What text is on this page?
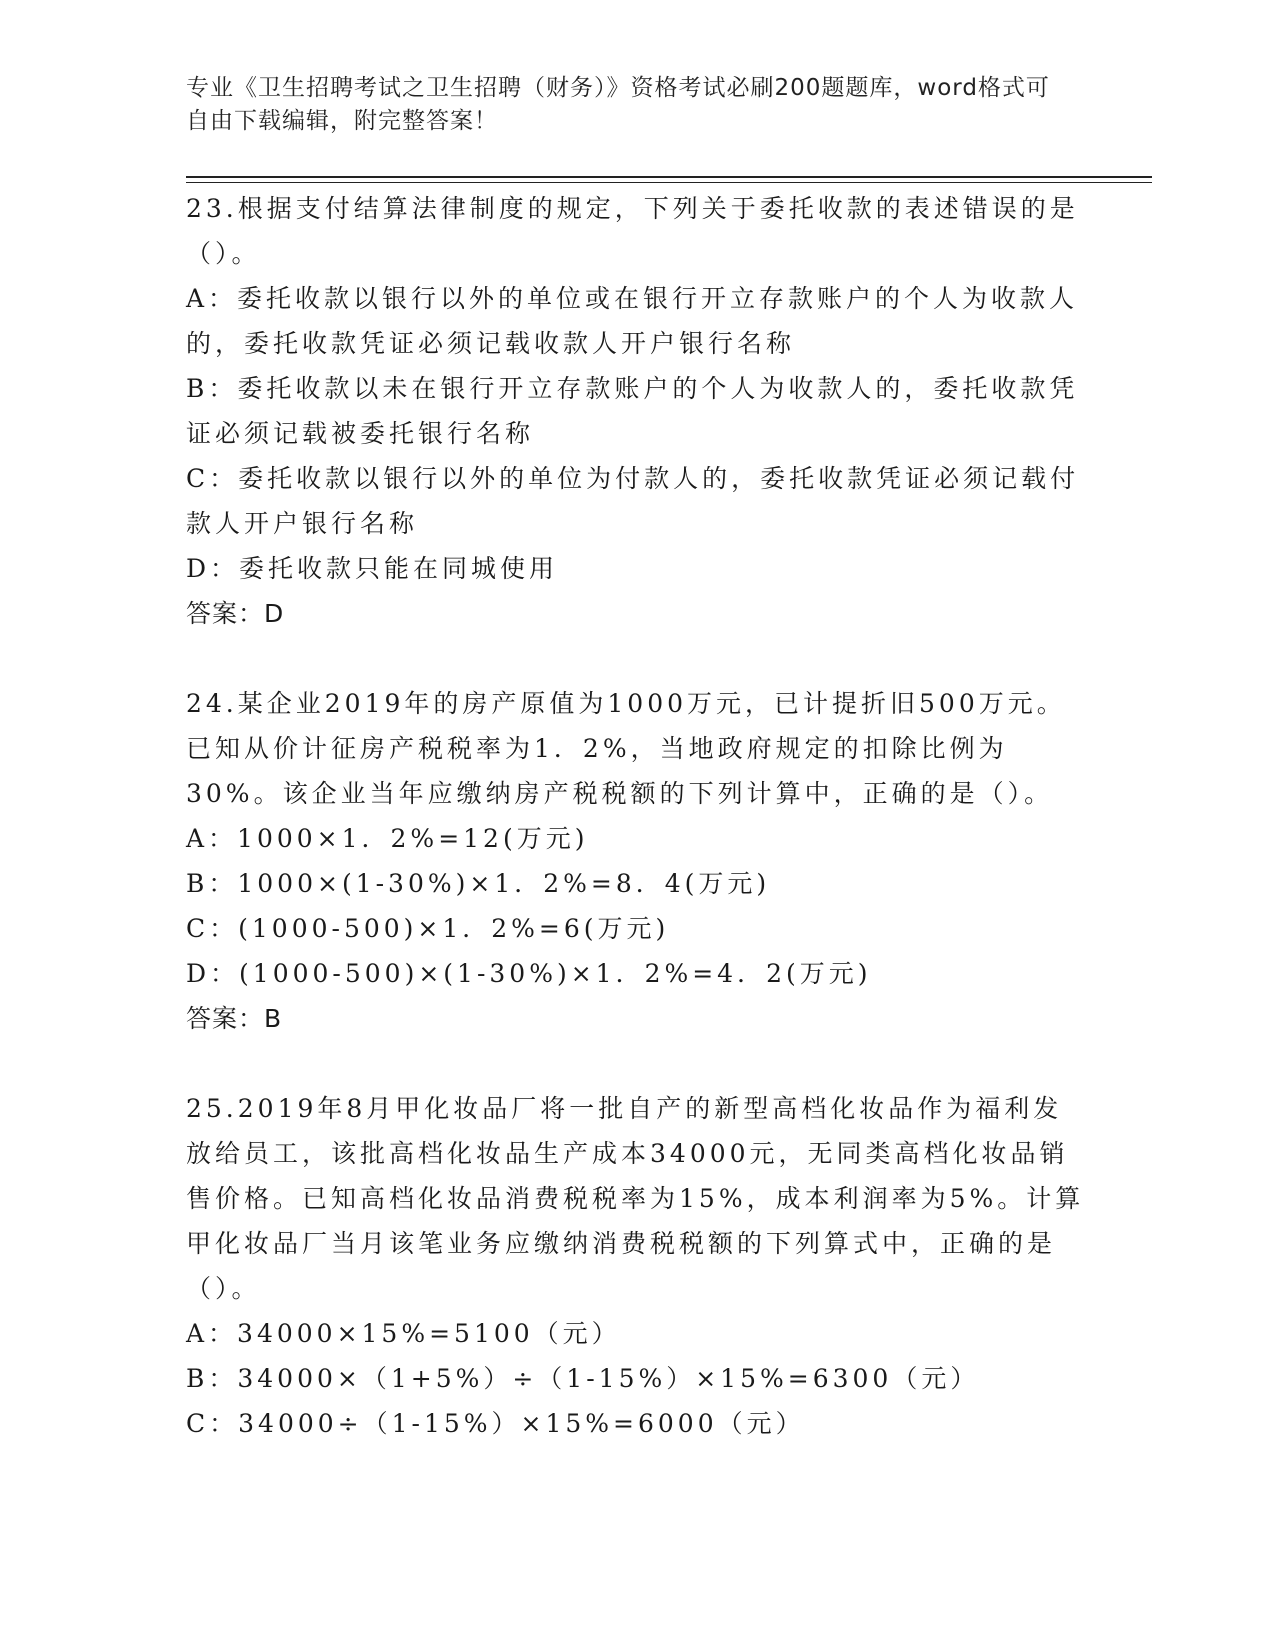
专业《卫生招聘考试之卫生招聘（财务）》资格考试必刷200题题库，word格式可自由下载编辑，附完整答案！

23.根据支付结算法律制度的规定，下列关于委托收款的表述错误的是（）。

A：委托收款以银行以外的单位或在银行开立存款账户的个人为收款人的，委托收款凭证必须记载收款人开户银行名称

B：委托收款以未在银行开立存款账户的个人为收款人的，委托收款凭证必须记载被委托银行名称

C：委托收款以银行以外的单位为付款人的，委托收款凭证必须记载付款人开户银行名称

D：委托收款只能在同城使用

答案：D

24.某企业2019年的房产原值为1000万元，已计提折旧500万元。已知从价计征房产税税率为1．2%，当地政府规定的扣除比例为30%。该企业当年应缴纳房产税税额的下列计算中，正确的是（）。

A：1000×1．2%=12(万元)

B：1000×(1-30%)×1．2%=8．4(万元)

C：(1000-500)×1．2%=6(万元)

D：(1000-500)×(1-30%)×1．2%=4．2(万元)

答案：B

25.2019年8月甲化妆品厂将一批自产的新型高档化妆品作为福利发放给员工，该批高档化妆品生产成本34000元，无同类高档化妆品销售价格。已知高档化妆品消费税税率为15%，成本利润率为5%。计算甲化妆品厂当月该笔业务应缴纳消费税税额的下列算式中，正确的是（）。

A：34000×15%=5100（元）

B：34000×（1+5%）÷（1-15%）×15%=6300（元）

C：34000÷（1-15%）×15%=6000（元）
